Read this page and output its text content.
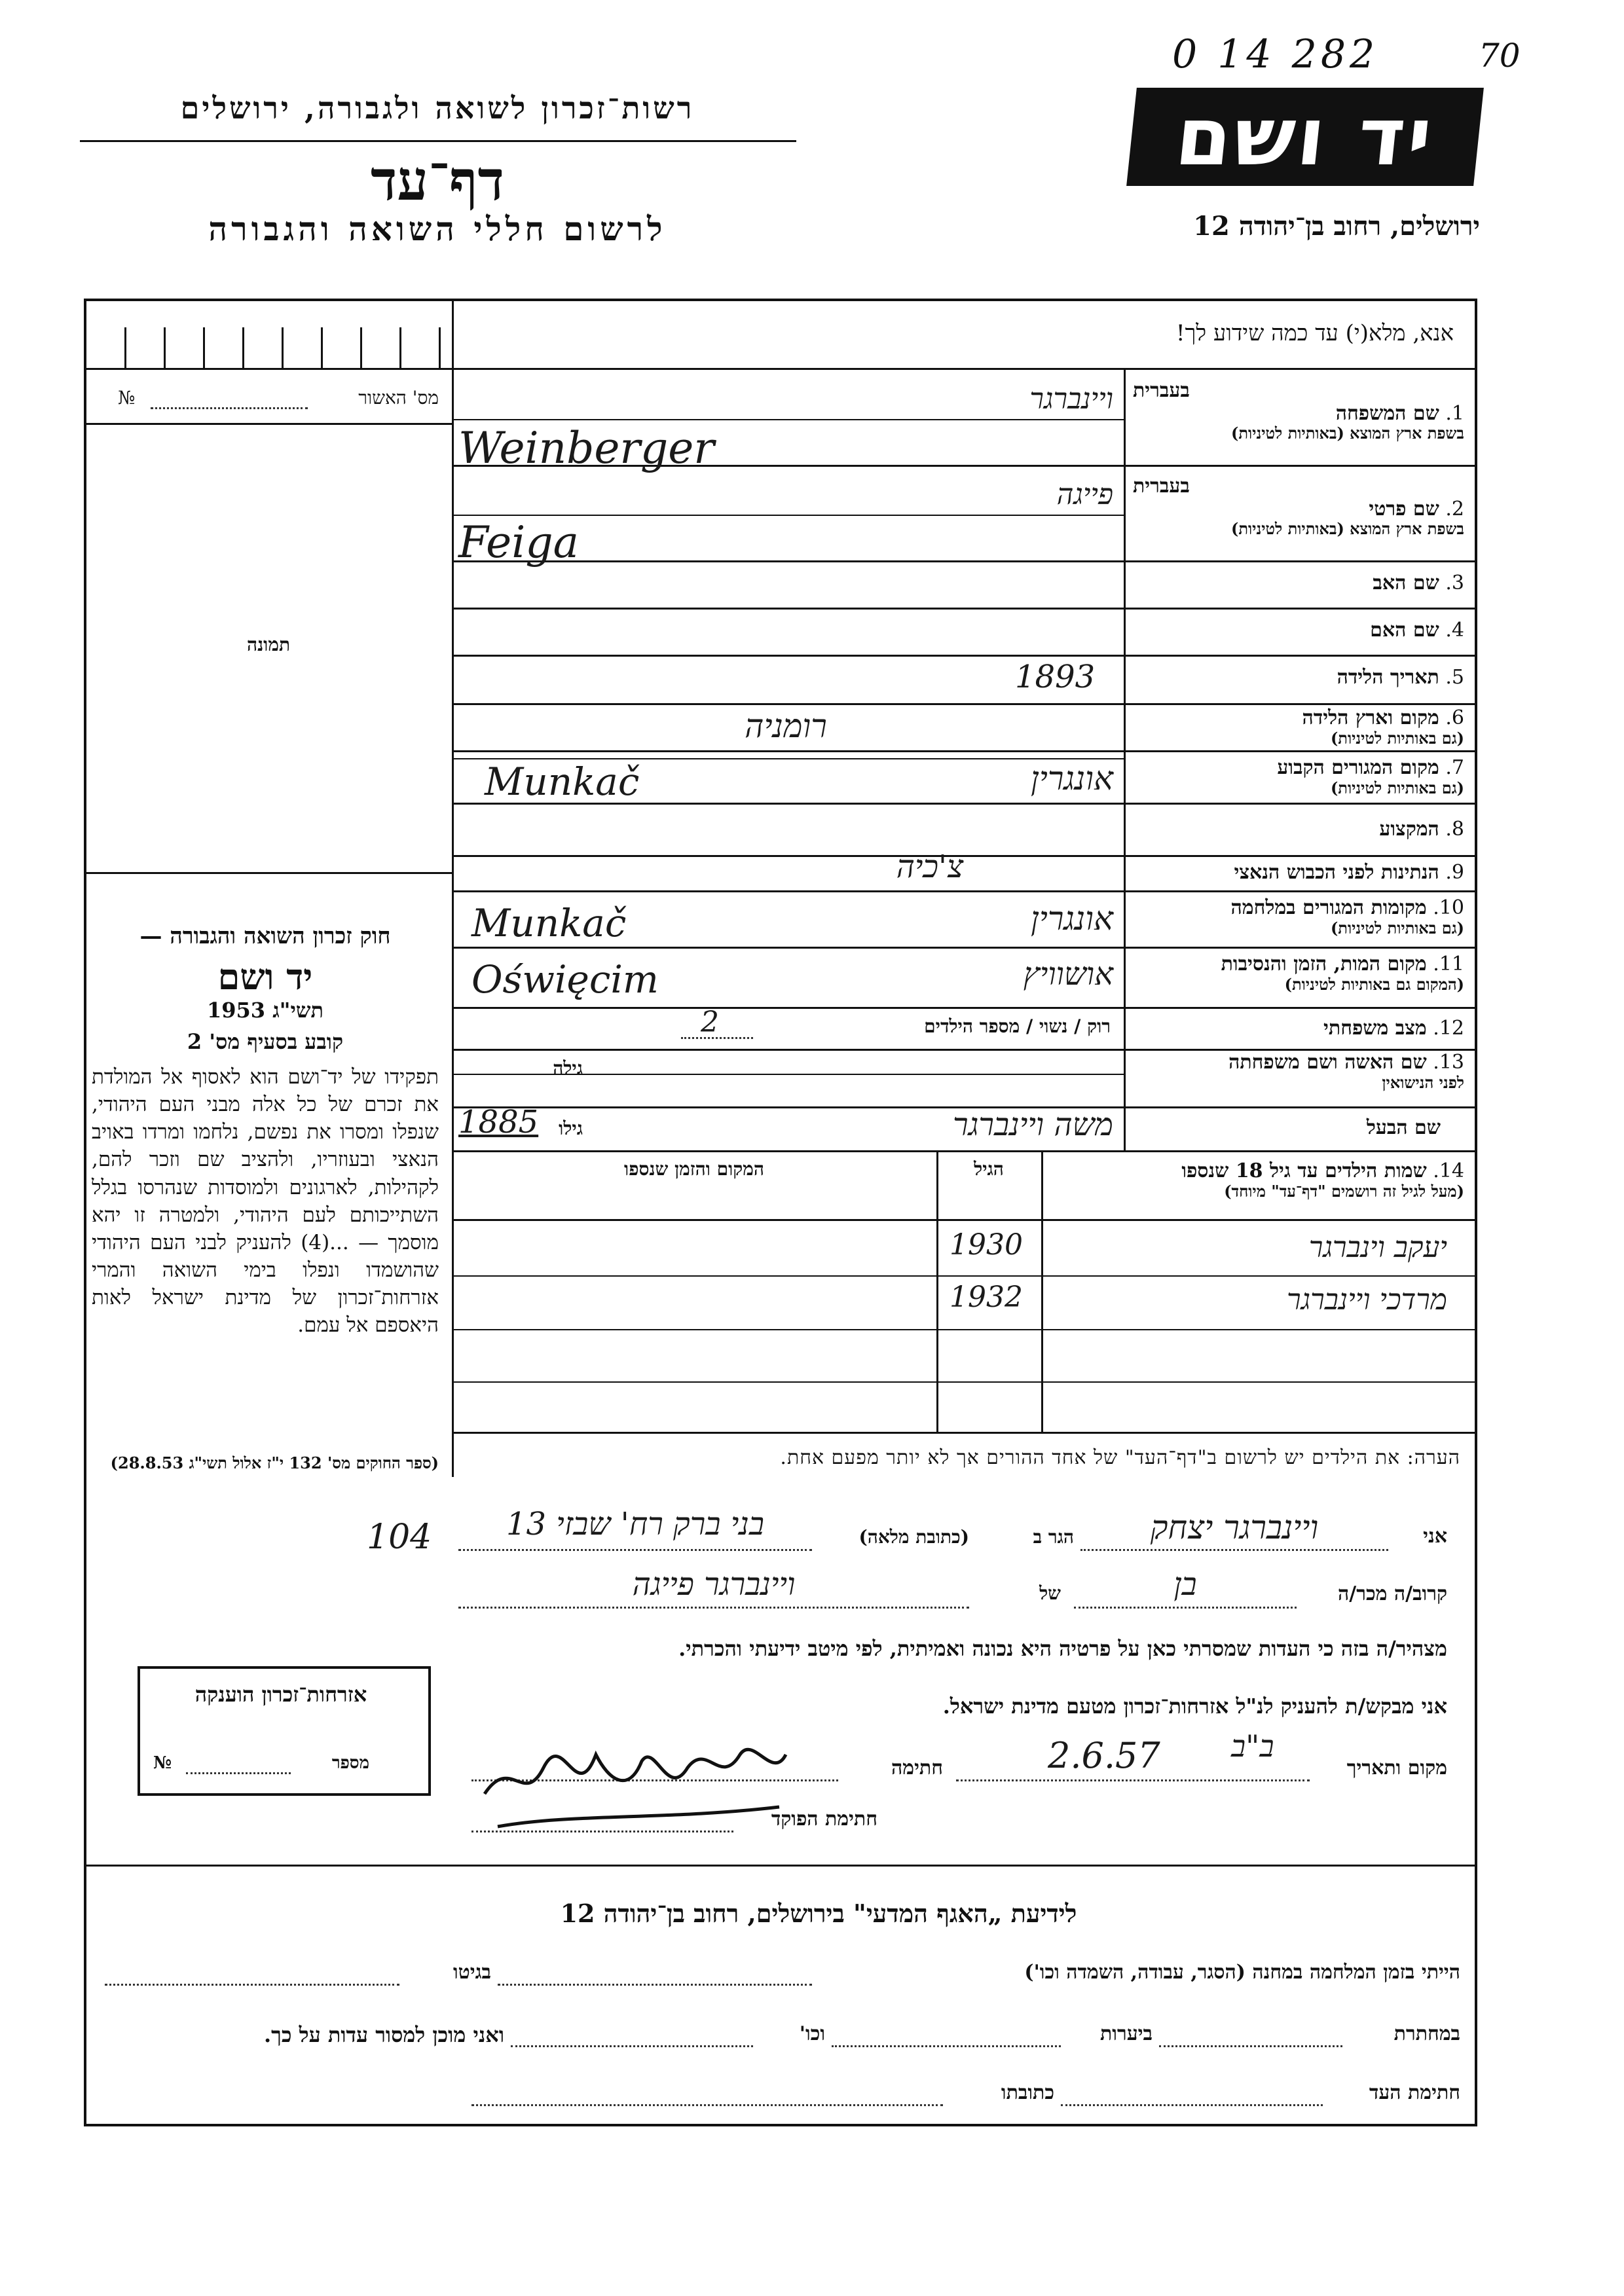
0 14 282	70
רשות־זכרון לשואה ולגבורה, ירושלים
דף־עד
לרשום חללי השואה והגבורה
יד ושם
ירושלים, רחוב בן־יהודה 12
אנא, מלא(י) עד כמה שידוע לך!
מס' האשור
№
תמונה
בעברית
1. שם המשפחה
בשפת ארץ המוצא (באותיות לטיניות)
ויינברגר
Weinberger
בעברית
2. שם פרטי
בשפת ארץ המוצא (באותיות לטיניות)
פייגה
Feiga
3. שם האב
4. שם האם
5. תאריך הלידה
1893
6. מקום וארץ הלידה
(גם באותיות לטיניות)
רומניה
7. מקום המגורים הקבוע
(גם באותיות לטיניות)
אונגרין
Munkač
8. המקצוע
9. הנתינות לפני הכבוש הנאצי
צ'כיה
10. מקומות המגורים במלחמה
(גם באותיות לטיניות)
אונגרין
Munkač
11. מקום המות, הזמן והנסיבות
(המקום גם באותיות לטיניות)
אושוויץ
Oświęcim
12. מצב משפחתי
רוק / נשוי / מספר הילדים
2
13. שם האשה ושם משפחתה
לפני הנישואין
גילה
שם הבעל
משה ויינברגר
גילו
1885
14. שמות הילדים עד גיל 18 שנספו
(מעל לגיל זה רושמים "דף־עד" מיוחד)
הגיל
המקום והזמן שנספו
יעקב וינברגר
1930
מרדכי ויינברגר
1932
הערה: את הילדים יש לרשום ב"דף־העד" של אחד ההורים אך לא יותר מפעם אחת.
חוק זכרון השואה והגבורה —
יד ושם
תשי"ג 1953
קובע בסעיף מס' 2
תפקידו של יד־ושם הוא לאסוף אל המולדת את זכרם של כל אלה מבני העם היהודי, שנפלו ומסרו את נפשם, נלחמו ומרדו באויב הנאצי ובעוזריו, ולהציב שם וזכר להם, לקהילות, לארגונים ולמוסדות שנהרסו בגלל השתייכותם לעם היהודי, ולמטרה זו יהא מוסמך — ...(4) להעניק לבני העם היהודי שהושמדו ונפלו בימי השואה והמרי אזרחות־זכרון של מדינת ישראל לאות היאספם אל עמם.
(ספר החוקים מס' 132 י"ז אלול תשי"ג 28.8.53)
104	אני
ויינברגר יצחק
הגר ב
(כתובת מלאה)
בני ברק רח' שבזי 13
קרוב/ה מכר/ה
בן
של
ויינברגר פייגה
מצהיר/ה בזה כי העדות שמסרתי כאן על פרטיה היא נכונה ואמיתית, לפי מיטב ידיעתי והכרתי.
אני מבקש/ת להעניק לנ"ל אזרחות־זכרון מטעם מדינת ישראל.
מקום ותאריך
ב"ב
2.6.57
חתימה
חתימת הפוקד
אזרחות־זכרון הוענקה
מספר
№
לידיעת „האגף המדעי" בירושלים, רחוב בן־יהודה 12
הייתי בזמן המלחמה במחנה (הסגר, עבודה, השמדה וכו')
בגיטו
במחתרת
ביערות
וכו'
ואני מוכן למסור עדות על כך.
חתימת העד
כתובתו
